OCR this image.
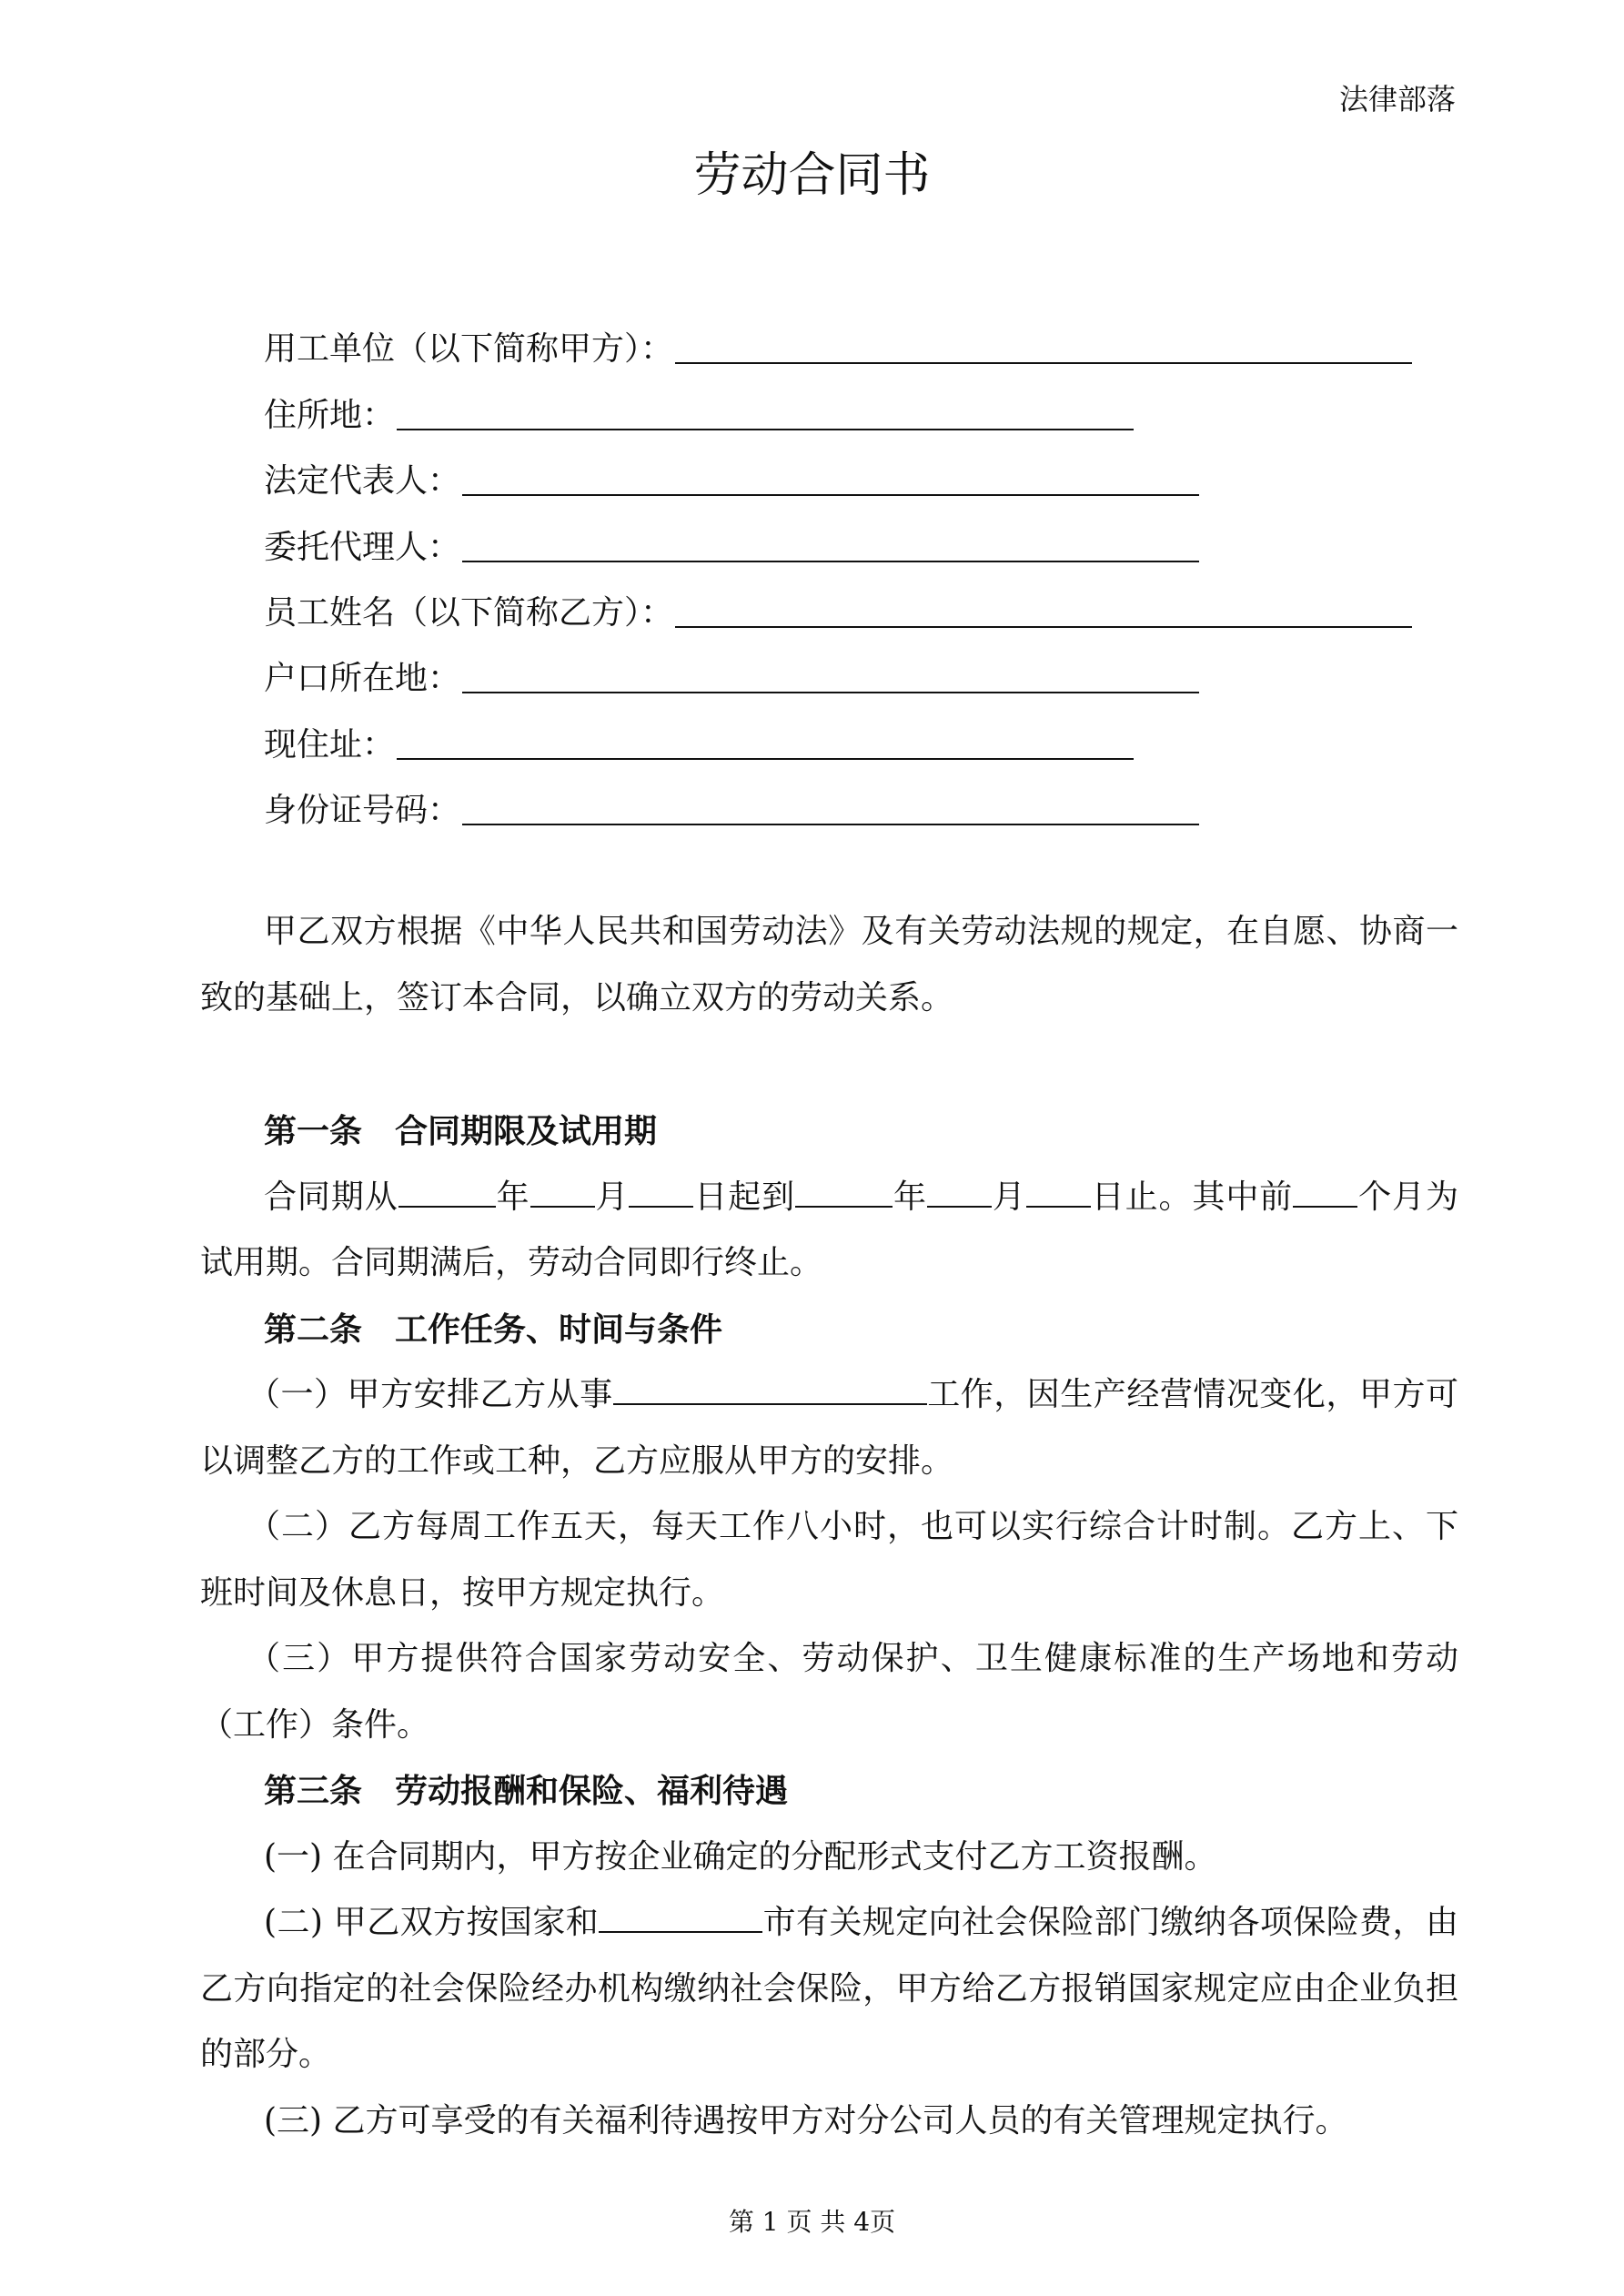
法律部落
劳动合同书
用工单位（以下简称甲方）：
住所地：
法定代表人：
委托代理人：
员工姓名（以下简称乙方）：
户口所在地：
现住址：
身份证号码：

甲乙双方根据《中华人民共和国劳动法》及有关劳动法规的规定，在自愿、协商一致的基础上，签订本合同，以确立双方的劳动关系。

第一条　合同期限及试用期

合同期从	年 月 日起到	年 月 日止。其中前 个月为试用期。合同期满后，劳动合同即行终止。

第二条　工作任务、时间与条件

（一）甲方安排乙方从事	工作，因生产经营情况变化，甲方可以调整乙方的工作或工种，乙方应服从甲方的安排。

（二）乙方每周工作五天，每天工作八小时，也可以实行综合计时制。乙方上、下班时间及休息日，按甲方规定执行。

（三）甲方提供符合国家劳动安全、劳动保护、卫生健康标准的生产场地和劳动（工作）条件。

第三条　劳动报酬和保险、福利待遇

(一) 在合同期内，甲方按企业确定的分配形式支付乙方工资报酬。

(二) 甲乙双方按国家和	市有关规定向社会保险部门缴纳各项保险费，由乙方向指定的社会保险经办机构缴纳社会保险，甲方给乙方报销国家规定应由企业负担的部分。

(三) 乙方可享受的有关福利待遇按甲方对分公司人员的有关管理规定执行。

第 1 页 共 4页
